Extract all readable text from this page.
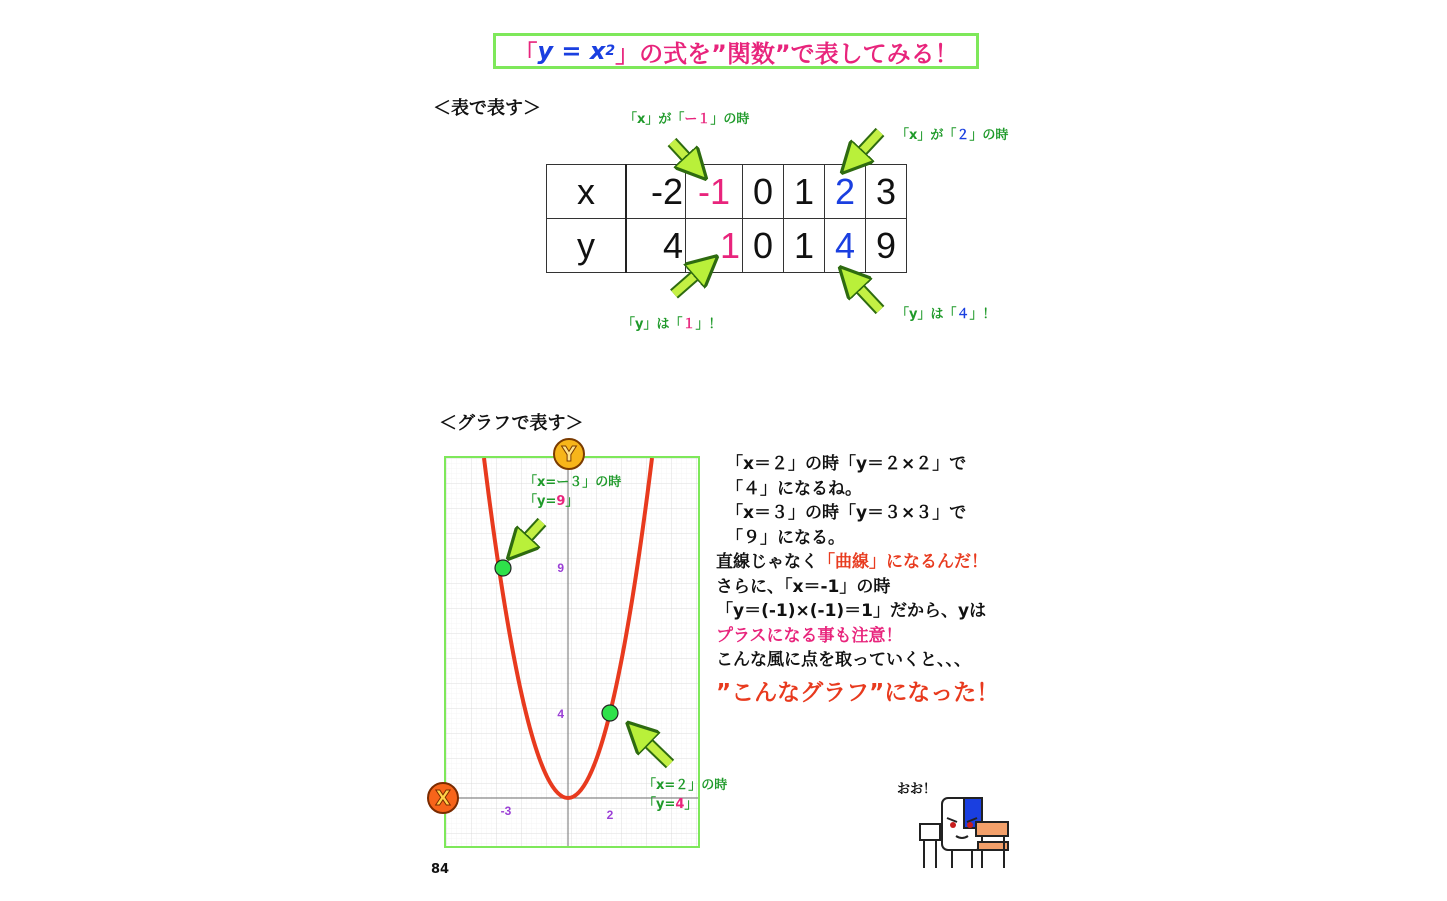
「 y = x 2 」 の式を”関数”で表してみる！
＜表で表す＞
「x」が「ー１」の時
「x」が「２」の時
「y」は「１」！
「y」は「４」！
x	-2	-1	0	1	2	3
y	4	1	0	1	4	9
＜グラフで表す＞
9
4
-3	2
Y
X
「x=ー３」の時
「y=9」
「x=２」の時
「y=4」
「x＝２」の時「y＝２×２」で
「４」になるね。
「x＝３」の時「y＝３×３」で
「９」になる。
直線じゃなく「曲線」になるんだ！
さらに、「x＝-1」の時
「y＝(-1)×(-1)＝1」だから、yは
プラスになる事も注意！
こんな風に点を取っていくと、、、
”こんなグラフ”になった！
おお！
84
